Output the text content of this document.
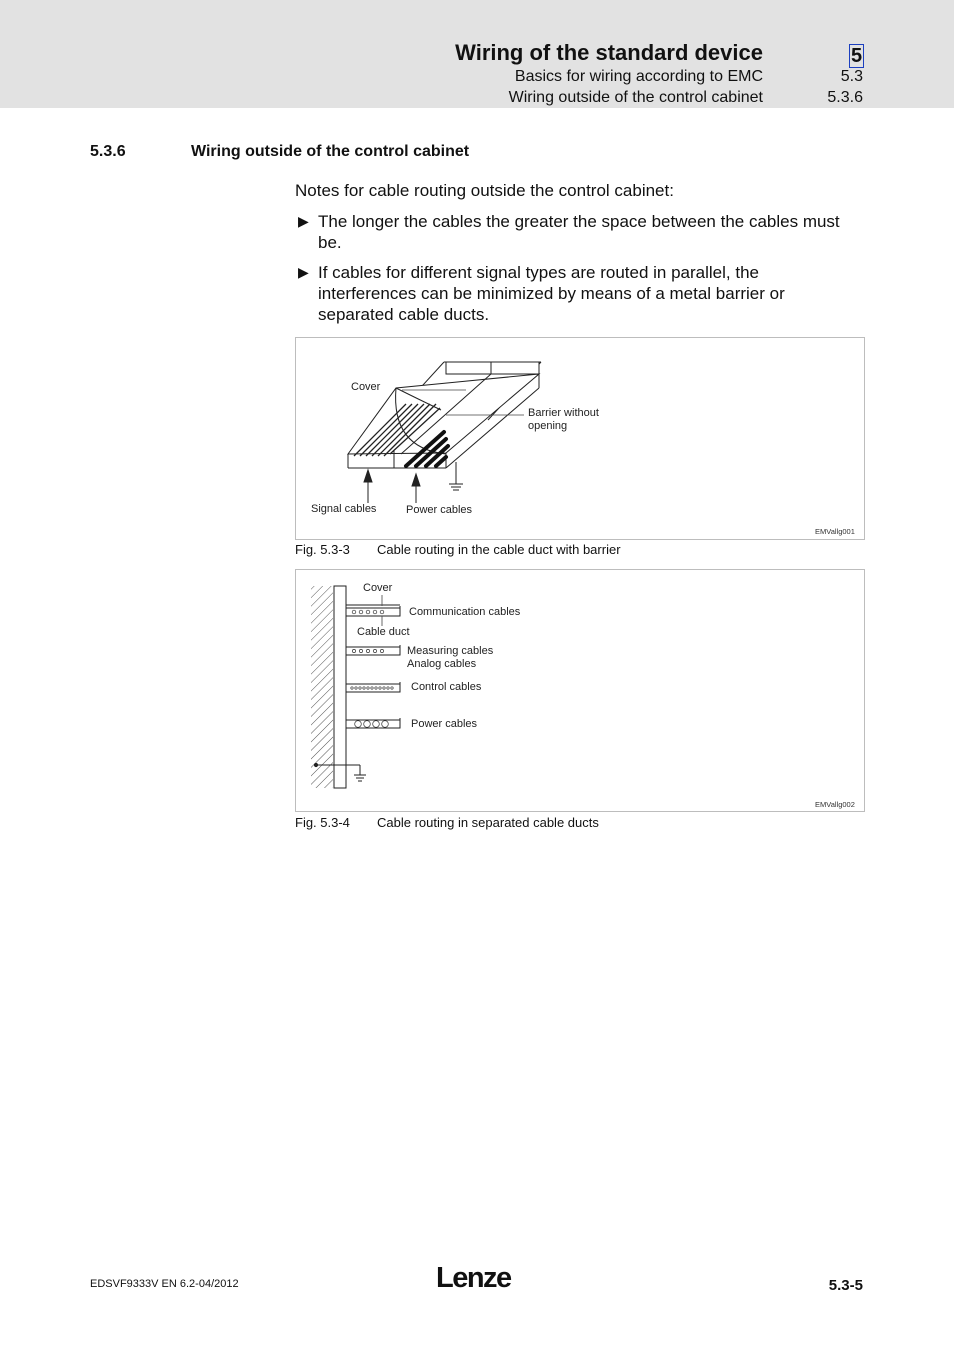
Wiring of the standard device	5
Basics for wiring according to EMC	5.3
Wiring outside of the control cabinet	5.3.6
5.3.6	Wiring outside of the control cabinet
Notes for cable routing outside the control cabinet:
▶ The longer the cables the greater the space between the cables must be.
▶ If cables for different signal types are routed in parallel, the interferences can be minimized by means of a metal barrier or separated cable ducts.
Cover
Barrier without
opening
Signal cables	Power cables
EMVallg001
Fig. 5.3-3 Cable routing in the cable duct with barrier
Cover
Communication cables
Cable duct
Measuring cables
Analog cables
Control cables
Power cables
EMVallg002
Fig. 5.3-4 Cable routing in separated cable ducts
EDSVF9333V EN 6.2-04/2012	Lenze	5.3-5
